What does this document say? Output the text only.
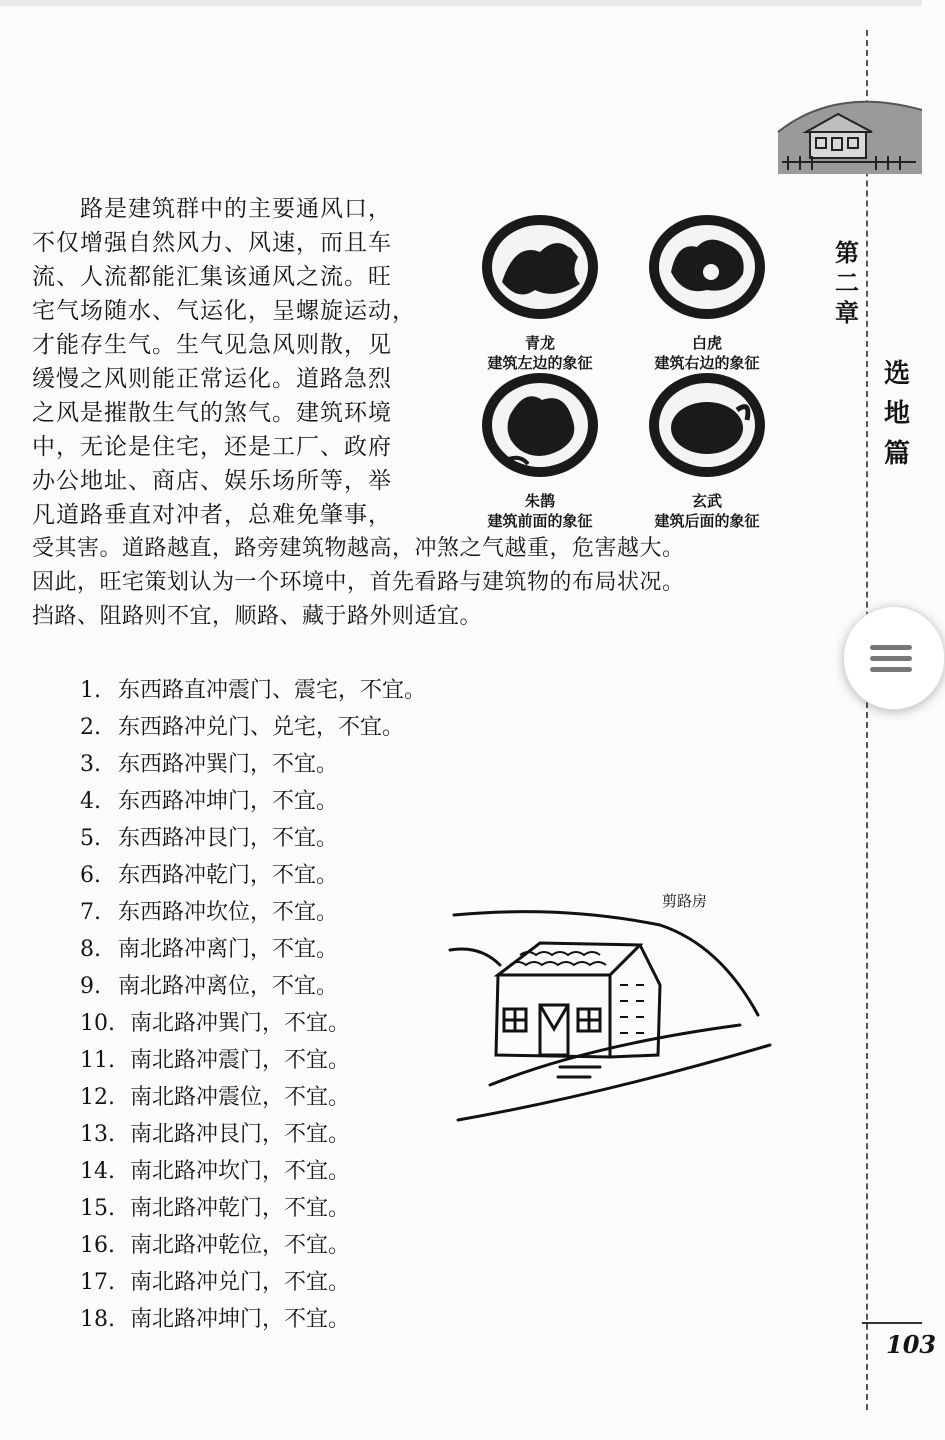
　　路是建筑群中的主要通风口，
不仅增强自然风力、风速，而且车
流、人流都能汇集该通风之流。旺
宅气场随水、气运化，呈螺旋运动，
才能存生气。生气见急风则散，见
缓慢之风则能正常运化。道路急烈
之风是摧散生气的煞气。建筑环境
中，无论是住宅，还是工厂、政府
办公地址、商店、娱乐场所等，举
凡道路垂直对冲者，总难免肇事，
受其害。道路越直，路旁建筑物越高，冲煞之气越重，危害越大。
因此，旺宅策划认为一个环境中，首先看路与建筑物的布局状况。
挡路、阻路则不宜，顺路、藏于路外则适宜。
青龙
建筑左边的象征
白虎
建筑右边的象征
朱鹊
建筑前面的象征
玄武
建筑后面的象征
1. 东西路直冲震门、震宅，不宜。
2. 东西路冲兑门、兑宅，不宜。
3. 东西路冲巽门，不宜。
4. 东西路冲坤门，不宜。
5. 东西路冲艮门，不宜。
6. 东西路冲乾门，不宜。
7. 东西路冲坎位，不宜。
8. 南北路冲离门，不宜。
9. 南北路冲离位，不宜。
10. 南北路冲巽门，不宜。
11. 南北路冲震门，不宜。
12. 南北路冲震位，不宜。
13. 南北路冲艮门，不宜。
14. 南北路冲坎门，不宜。
15. 南北路冲乾门，不宜。
16. 南北路冲乾位，不宜。
17. 南北路冲兑门，不宜。
18. 南北路冲坤门，不宜。
剪路房
第
二
章
选
地
篇
103
